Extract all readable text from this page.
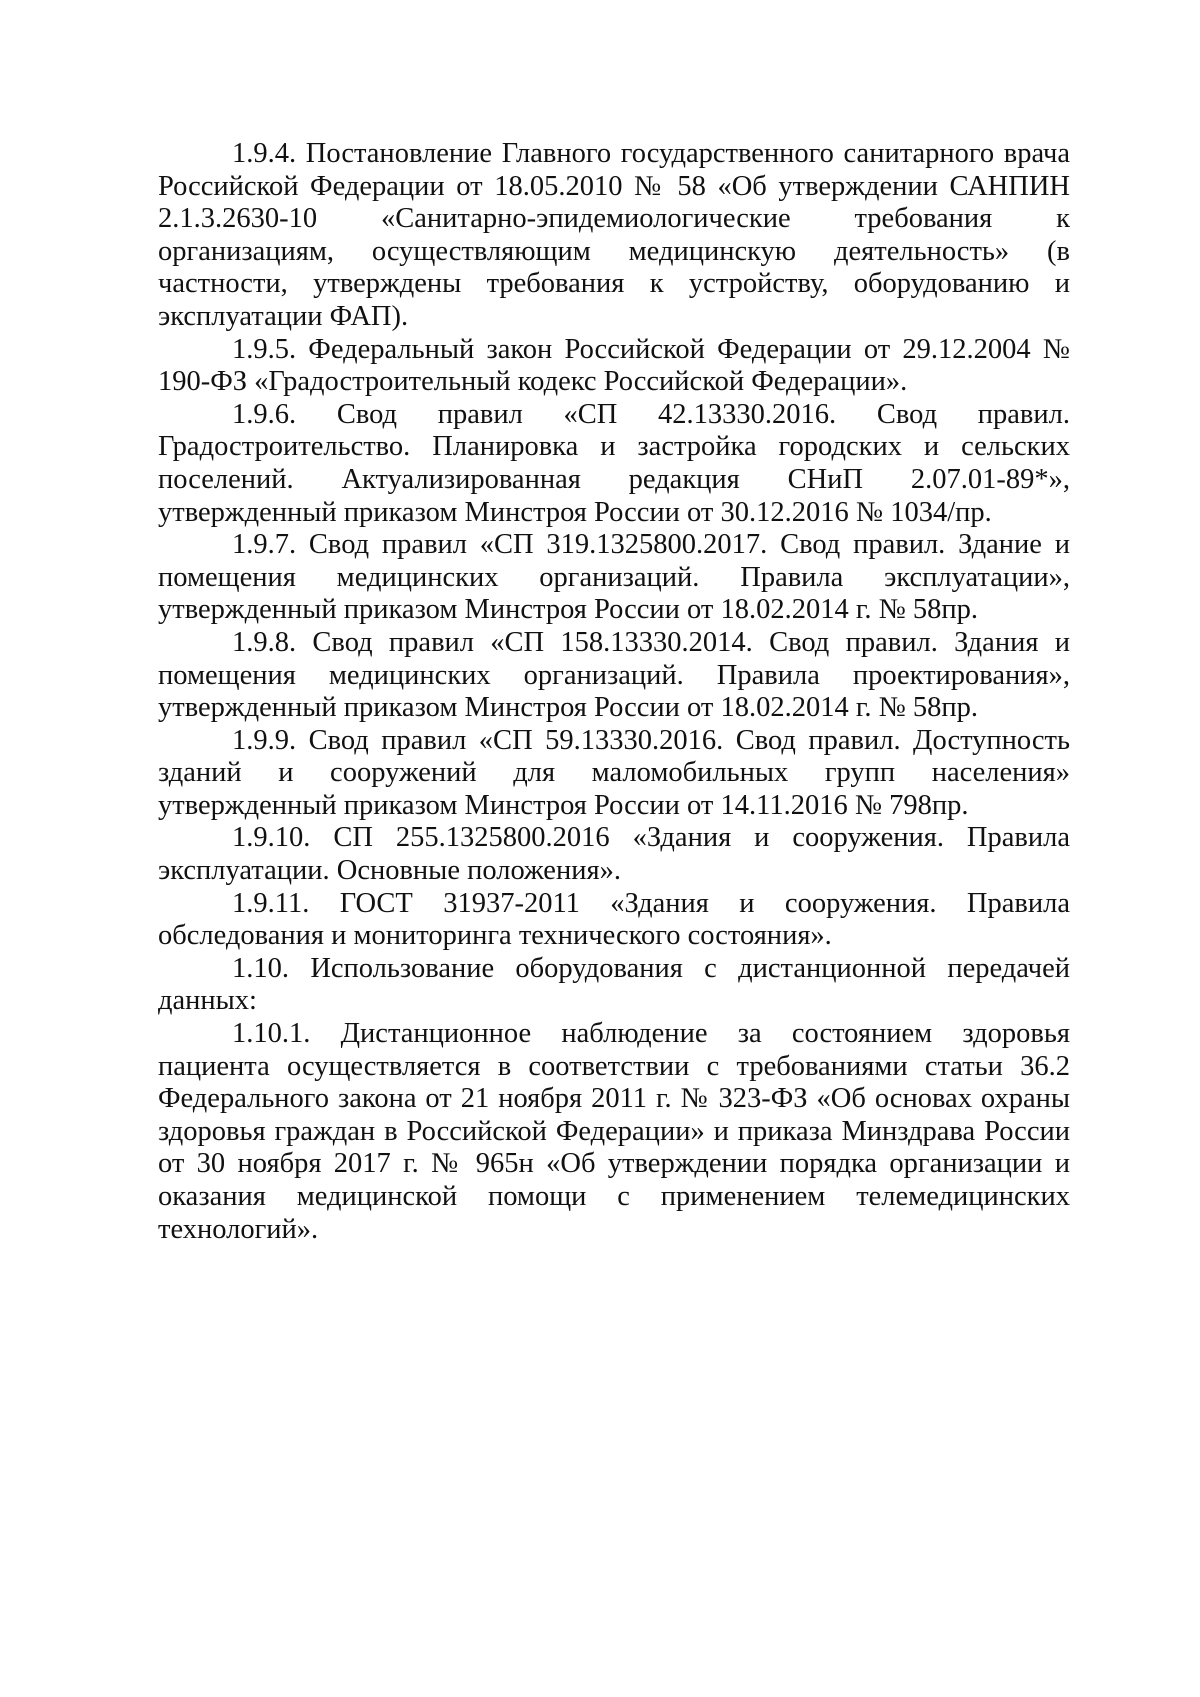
1.9.4. Постановление Главного государственного санитарного врача Российской Федерации от 18.05.2010 № 58 «Об утверждении САНПИН 2.1.3.2630-10 «Санитарно-эпидемиологические требования к организациям, осуществляющим медицинскую деятельность» (в частности, утверждены требования к устройству, оборудованию и эксплуатации ФАП).

1.9.5. Федеральный закон Российской Федерации от 29.12.2004 № 190-ФЗ «Градостроительный кодекс Российской Федерации».

1.9.6. Свод правил «СП 42.13330.2016. Свод правил. Градостроительство. Планировка и застройка городских и сельских поселений. Актуализированная редакция СНиП 2.07.01-89*», утвержденный приказом Минстроя России от 30.12.2016 № 1034/пр.

1.9.7. Свод правил «СП 319.1325800.2017. Свод правил. Здание и помещения медицинских организаций. Правила эксплуатации», утвержденный приказом Минстроя России от 18.02.2014 г. № 58пр.

1.9.8. Свод правил «СП 158.13330.2014. Свод правил. Здания и помещения медицинских организаций. Правила проектирования», утвержденный приказом Минстроя России от 18.02.2014 г. № 58пр.

1.9.9. Свод правил «СП 59.13330.2016. Свод правил. Доступность зданий и сооружений для маломобильных групп населения» утвержденный приказом Минстроя России от 14.11.2016 № 798пр.

1.9.10. СП 255.1325800.2016 «Здания и сооружения. Правила эксплуатации. Основные положения».

1.9.11. ГОСТ 31937-2011 «Здания и сооружения. Правила обследования и мониторинга технического состояния».

1.10. Использование оборудования с дистанционной передачей данных:

1.10.1. Дистанционное наблюдение за состоянием здоровья пациента осуществляется в соответствии с требованиями статьи 36.2 Федерального закона от 21 ноября 2011 г. № 323-ФЗ «Об основах охраны здоровья граждан в Российской Федерации» и приказа Минздрава России от 30 ноября 2017 г. № 965н «Об утверждении порядка организации и оказания медицинской помощи с применением телемедицинских технологий».
